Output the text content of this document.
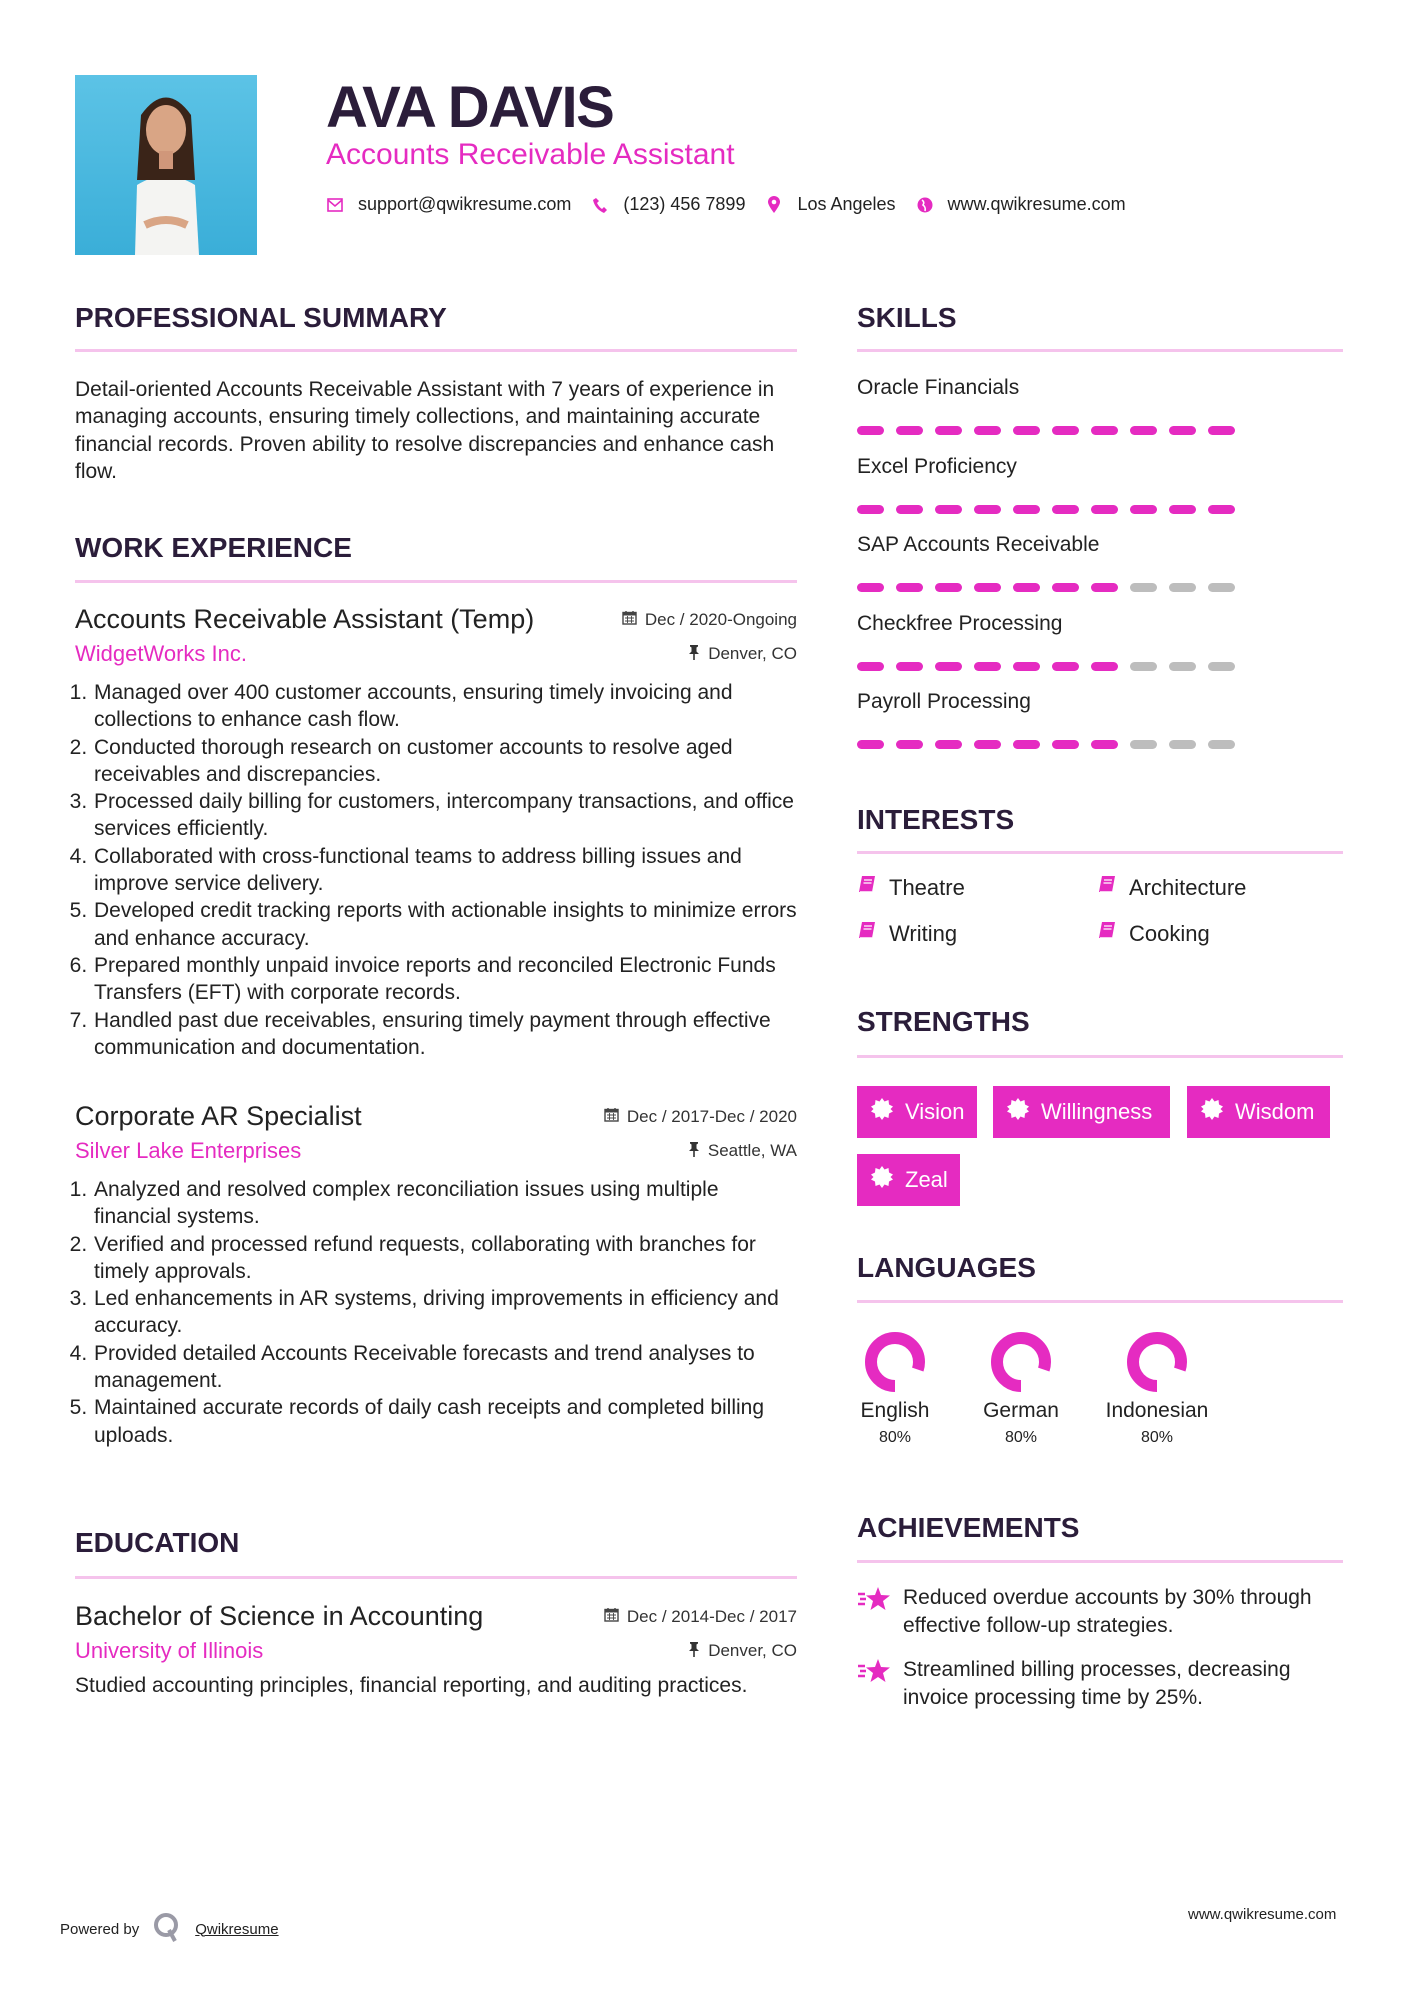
AVA DAVIS
Accounts Receivable Assistant
support@qwikresume.com	(123) 456 7899	Los Angeles	www.qwikresume.com
PROFESSIONAL SUMMARY
Detail-oriented Accounts Receivable Assistant with 7 years of experience in managing accounts, ensuring timely collections, and maintaining accurate financial records. Proven ability to resolve discrepancies and enhance cash flow.
WORK EXPERIENCE
Accounts Receivable Assistant (Temp)	Dec / 2020-Ongoing
WidgetWorks Inc.	Denver, CO
1. Managed over 400 customer accounts, ensuring timely invoicing and collections to enhance cash flow.
2. Conducted thorough research on customer accounts to resolve aged receivables and discrepancies.
3. Processed daily billing for customers, intercompany transactions, and office services efficiently.
4. Collaborated with cross-functional teams to address billing issues and improve service delivery.
5. Developed credit tracking reports with actionable insights to minimize errors and enhance accuracy.
6. Prepared monthly unpaid invoice reports and reconciled Electronic Funds Transfers (EFT) with corporate records.
7. Handled past due receivables, ensuring timely payment through effective communication and documentation.
Corporate AR Specialist	Dec / 2017-Dec / 2020
Silver Lake Enterprises	Seattle, WA
1. Analyzed and resolved complex reconciliation issues using multiple financial systems.
2. Verified and processed refund requests, collaborating with branches for timely approvals.
3. Led enhancements in AR systems, driving improvements in efficiency and accuracy.
4. Provided detailed Accounts Receivable forecasts and trend analyses to management.
5. Maintained accurate records of daily cash receipts and completed billing uploads.
EDUCATION
Bachelor of Science in Accounting	Dec / 2014-Dec / 2017
University of Illinois	Denver, CO
Studied accounting principles, financial reporting, and auditing practices.
SKILLS
Oracle Financials
Excel Proficiency
SAP Accounts Receivable
Checkfree Processing
Payroll Processing
INTERESTS
Theatre	Architecture
Writing	Cooking
STRENGTHS
Vision	Willingness	Wisdom
Zeal
LANGUAGES
English
80%
German
80%
Indonesian
80%
ACHIEVEMENTS
Reduced overdue accounts by 30% through effective follow-up strategies.
Streamlined billing processes, decreasing invoice processing time by 25%.
Powered by	Qwikresume
www.qwikresume.com
